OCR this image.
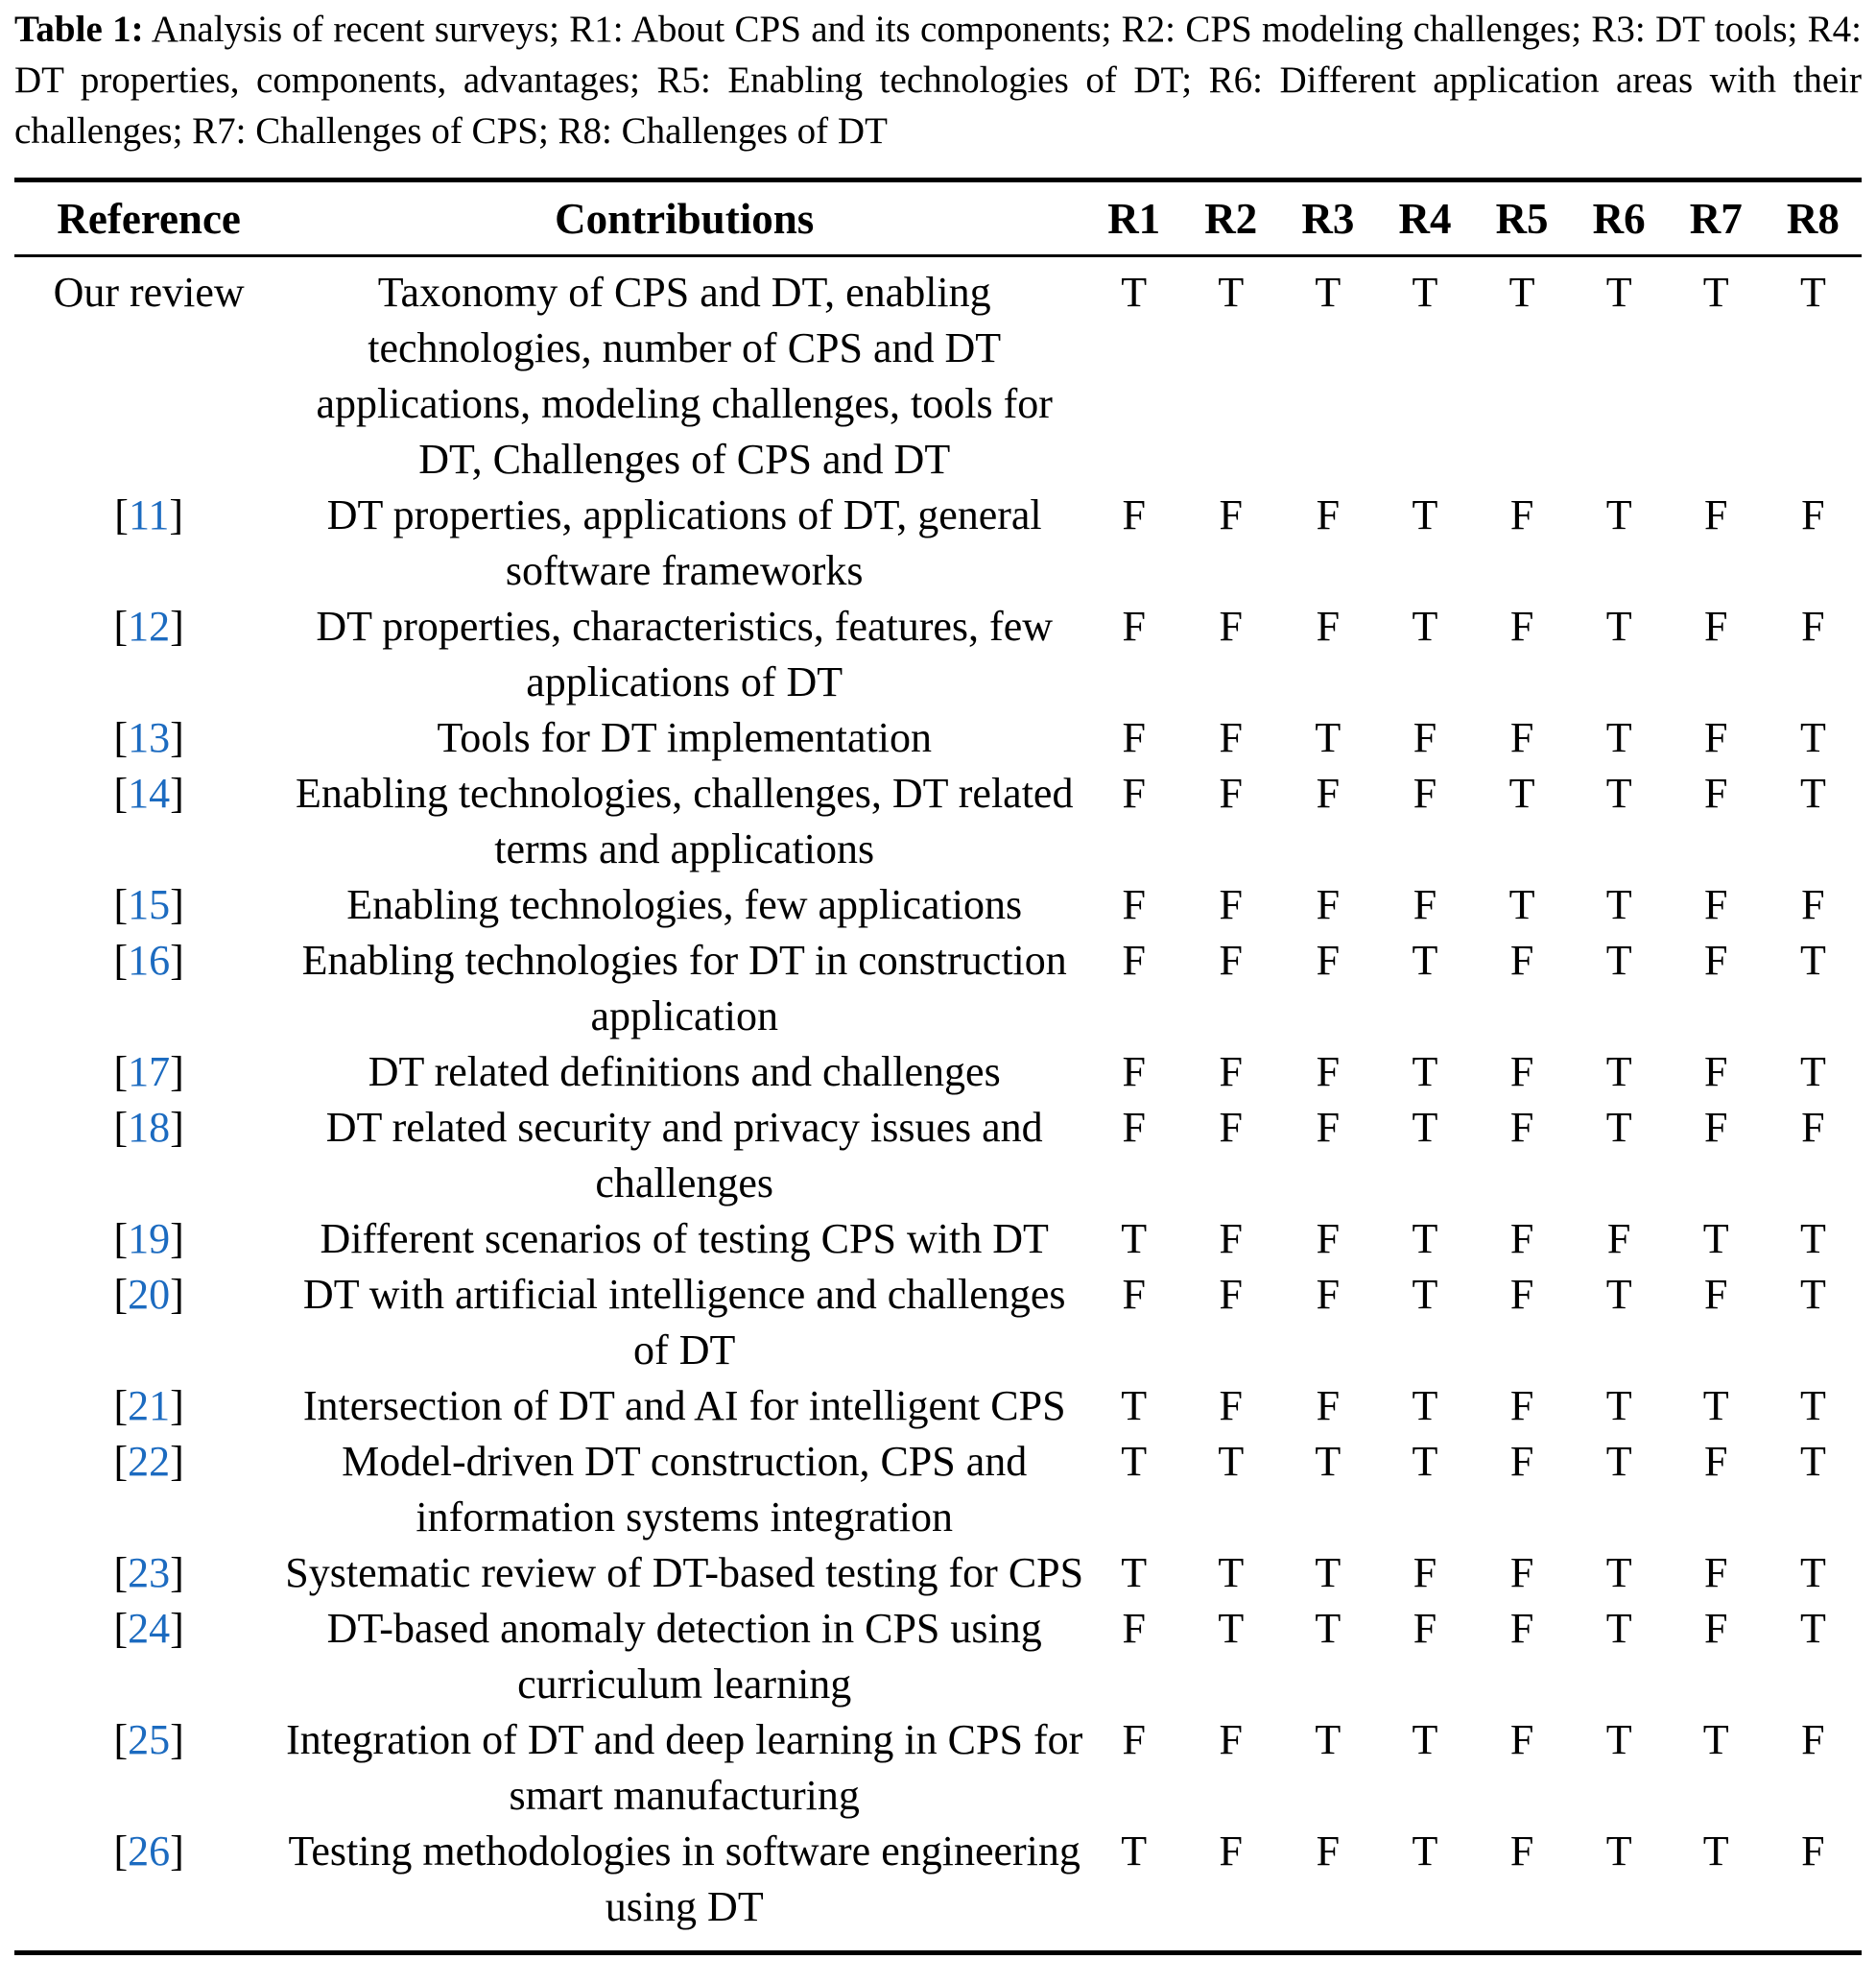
Table 1: Analysis of recent surveys; R1: About CPS and its components; R2: CPS modeling challenges; R3: DT tools; R4: DT properties, components, advantages; R5: Enabling technologies of DT; R6: Different application areas with their challenges; R7: Challenges of CPS; R8: Challenges of DT

Reference	Contributions	R1	R2	R3	R4	R5	R6	R7	R8
Our review	Taxonomy of CPS and DT, enabling technologies, number of CPS and DT applications, modeling challenges, tools for DT, Challenges of CPS and DT	T	T	T	T	T	T	T	T
[11]	DT properties, applications of DT, general software frameworks	F	F	F	T	F	T	F	F
[12]	DT properties, characteristics, features, few applications of DT	F	F	F	T	F	T	F	F
[13]	Tools for DT implementation	F	F	T	F	F	T	F	T
[14]	Enabling technologies, challenges, DT related terms and applications	F	F	F	F	T	T	F	T
[15]	Enabling technologies, few applications	F	F	F	F	T	T	F	F
[16]	Enabling technologies for DT in construction application	F	F	F	T	F	T	F	T
[17]	DT related definitions and challenges	F	F	F	T	F	T	F	T
[18]	DT related security and privacy issues and challenges	F	F	F	T	F	T	F	F
[19]	Different scenarios of testing CPS with DT	T	F	F	T	F	F	T	T
[20]	DT with artificial intelligence and challenges of DT	F	F	F	T	F	T	F	T
[21]	Intersection of DT and AI for intelligent CPS	T	F	F	T	F	T	T	T
[22]	Model-driven DT construction, CPS and information systems integration	T	T	T	T	F	T	F	T
[23]	Systematic review of DT-based testing for CPS	T	T	T	F	F	T	F	T
[24]	DT-based anomaly detection in CPS using curriculum learning	F	T	T	F	F	T	F	T
[25]	Integration of DT and deep learning in CPS for smart manufacturing	F	F	T	T	F	T	T	F
[26]	Testing methodologies in software engineering using DT	T	F	F	T	F	T	T	F
